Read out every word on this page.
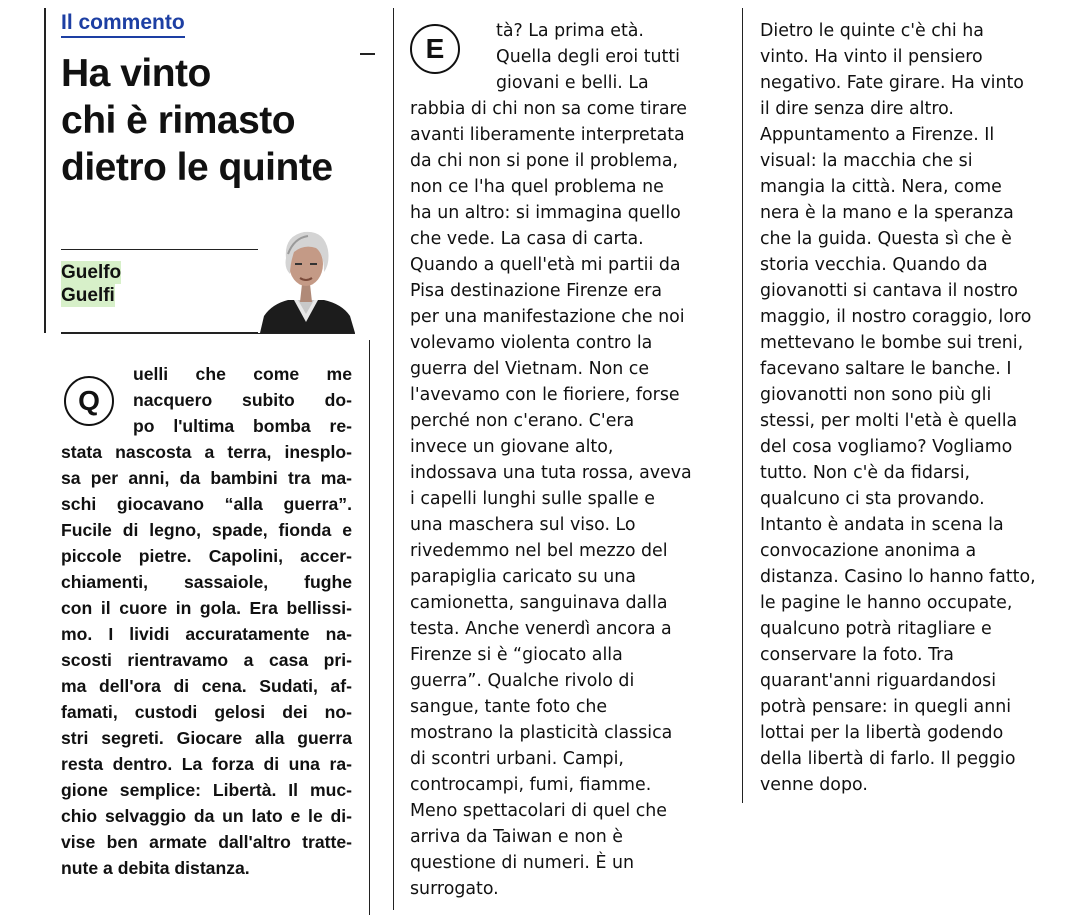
Il commento
Ha vinto
chi è rimasto
dietro le quinte
Guelfo
Guelfi
Q
uelli che come me
nacquero subito do-
po l'ultima bomba re-
stata nascosta a terra, inesplo-
sa per anni, da bambini tra ma-
schi giocavano “alla guerra”.
Fucile di legno, spade, fionda e
piccole pietre. Capolini, accer-
chiamenti, sassaiole, fughe
con il cuore in gola. Era bellissi-
mo. I lividi accuratamente na-
scosti rientravamo a casa pri-
ma dell'ora di cena. Sudati, af-
famati, custodi gelosi dei no-
stri segreti. Giocare alla guerra
resta dentro. La forza di una ra-
gione semplice: Libertà. Il muc-
chio selvaggio da un lato e le di-
vise ben armate dall'altro tratte-
nute a debita distanza.
E
tà? La prima età.
Quella degli eroi tutti
giovani e belli. La
rabbia di chi non sa come tirare
avanti liberamente interpretata
da chi non si pone il problema,
non ce l'ha quel problema ne
ha un altro: si immagina quello
che vede. La casa di carta.
Quando a quell'età mi partii da
Pisa destinazione Firenze era
per una manifestazione che noi
volevamo violenta contro la
guerra del Vietnam. Non ce
l'avevamo con le fioriere, forse
perché non c'erano. C'era
invece un giovane alto,
indossava una tuta rossa, aveva
i capelli lunghi sulle spalle e
una maschera sul viso. Lo
rivedemmo nel bel mezzo del
parapiglia caricato su una
camionetta, sanguinava dalla
testa. Anche venerdì ancora a
Firenze si è “giocato alla
guerra”. Qualche rivolo di
sangue, tante foto che
mostrano la plasticità classica
di scontri urbani. Campi,
controcampi, fumi, fiamme.
Meno spettacolari di quel che
arriva da Taiwan e non è
questione di numeri. È un
surrogato.
Dietro le quinte c'è chi ha
vinto. Ha vinto il pensiero
negativo. Fate girare. Ha vinto
il dire senza dire altro.
Appuntamento a Firenze. Il
visual: la macchia che si
mangia la città. Nera, come
nera è la mano e la speranza
che la guida. Questa sì che è
storia vecchia. Quando da
giovanotti si cantava il nostro
maggio, il nostro coraggio, loro
mettevano le bombe sui treni,
facevano saltare le banche. I
giovanotti non sono più gli
stessi, per molti l'età è quella
del cosa vogliamo? Vogliamo
tutto. Non c'è da fidarsi,
qualcuno ci sta provando.
Intanto è andata in scena la
convocazione anonima a
distanza. Casino lo hanno fatto,
le pagine le hanno occupate,
qualcuno potrà ritagliare e
conservare la foto. Tra
quarant'anni riguardandosi
potrà pensare: in quegli anni
lottai per la libertà godendo
della libertà di farlo. Il peggio
venne dopo.
